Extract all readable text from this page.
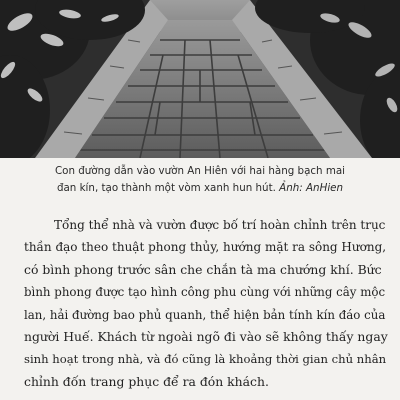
Con đường dẫn vào vườn An Hiên với hai hàng bạch mai
đan kín, tạo thành một vòm xanh hun hút. Ảnh: AnHien

Tổng thể nhà và vườn được bố trí hoàn chỉnh trên trục
thần đạo theo thuật phong thủy, hướng mặt ra sông Hương,
có bình phong trước sân che chắn tà ma chướng khí. Bức
bình phong được tạo hình công phu cùng với những cây mộc
lan, hải đường bao phủ quanh, thể hiện bản tính kín đáo của
người Huế. Khách từ ngoài ngõ đi vào sẽ không thấy ngay
sinh hoạt trong nhà, và đó cũng là khoảng thời gian chủ nhân
chỉnh đốn trang phục để ra đón khách.
